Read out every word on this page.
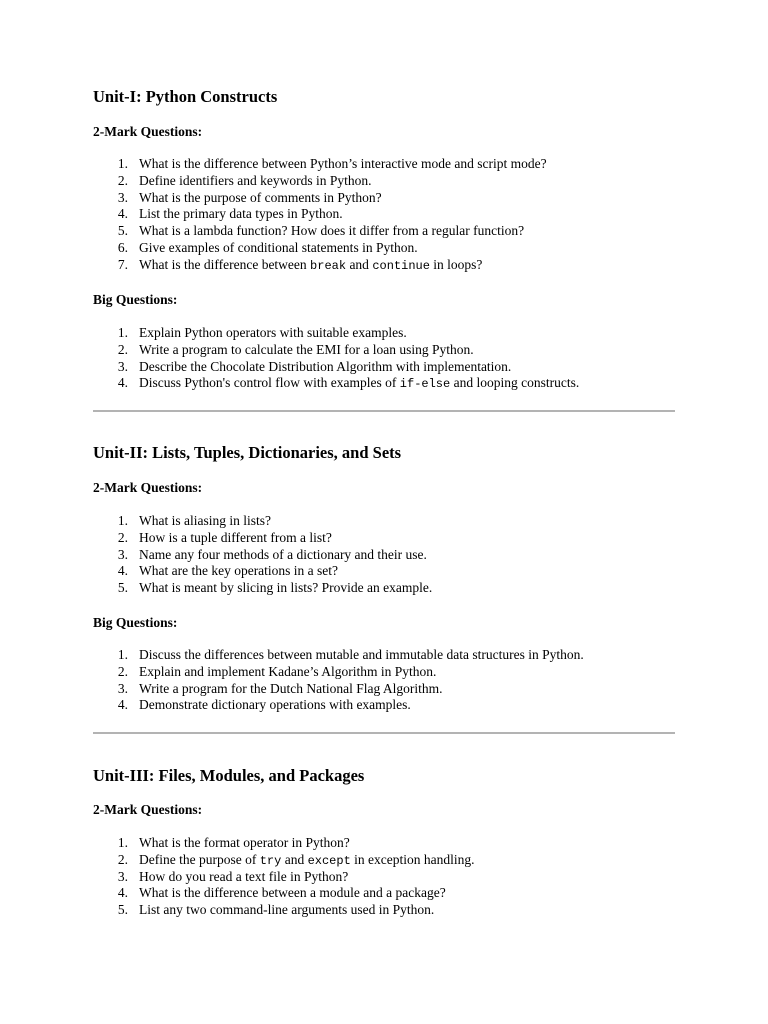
Unit-I: Python Constructs
2-Mark Questions:
1. What is the difference between Python’s interactive mode and script mode?
2. Define identifiers and keywords in Python.
3. What is the purpose of comments in Python?
4. List the primary data types in Python.
5. What is a lambda function? How does it differ from a regular function?
6. Give examples of conditional statements in Python.
7. What is the difference between break and continue in loops?
Big Questions:
1. Explain Python operators with suitable examples.
2. Write a program to calculate the EMI for a loan using Python.
3. Describe the Chocolate Distribution Algorithm with implementation.
4. Discuss Python's control flow with examples of if-else and looping constructs.
Unit-II: Lists, Tuples, Dictionaries, and Sets
2-Mark Questions:
1. What is aliasing in lists?
2. How is a tuple different from a list?
3. Name any four methods of a dictionary and their use.
4. What are the key operations in a set?
5. What is meant by slicing in lists? Provide an example.
Big Questions:
1. Discuss the differences between mutable and immutable data structures in Python.
2. Explain and implement Kadane’s Algorithm in Python.
3. Write a program for the Dutch National Flag Algorithm.
4. Demonstrate dictionary operations with examples.
Unit-III: Files, Modules, and Packages
2-Mark Questions:
1. What is the format operator in Python?
2. Define the purpose of try and except in exception handling.
3. How do you read a text file in Python?
4. What is the difference between a module and a package?
5. List any two command-line arguments used in Python.
